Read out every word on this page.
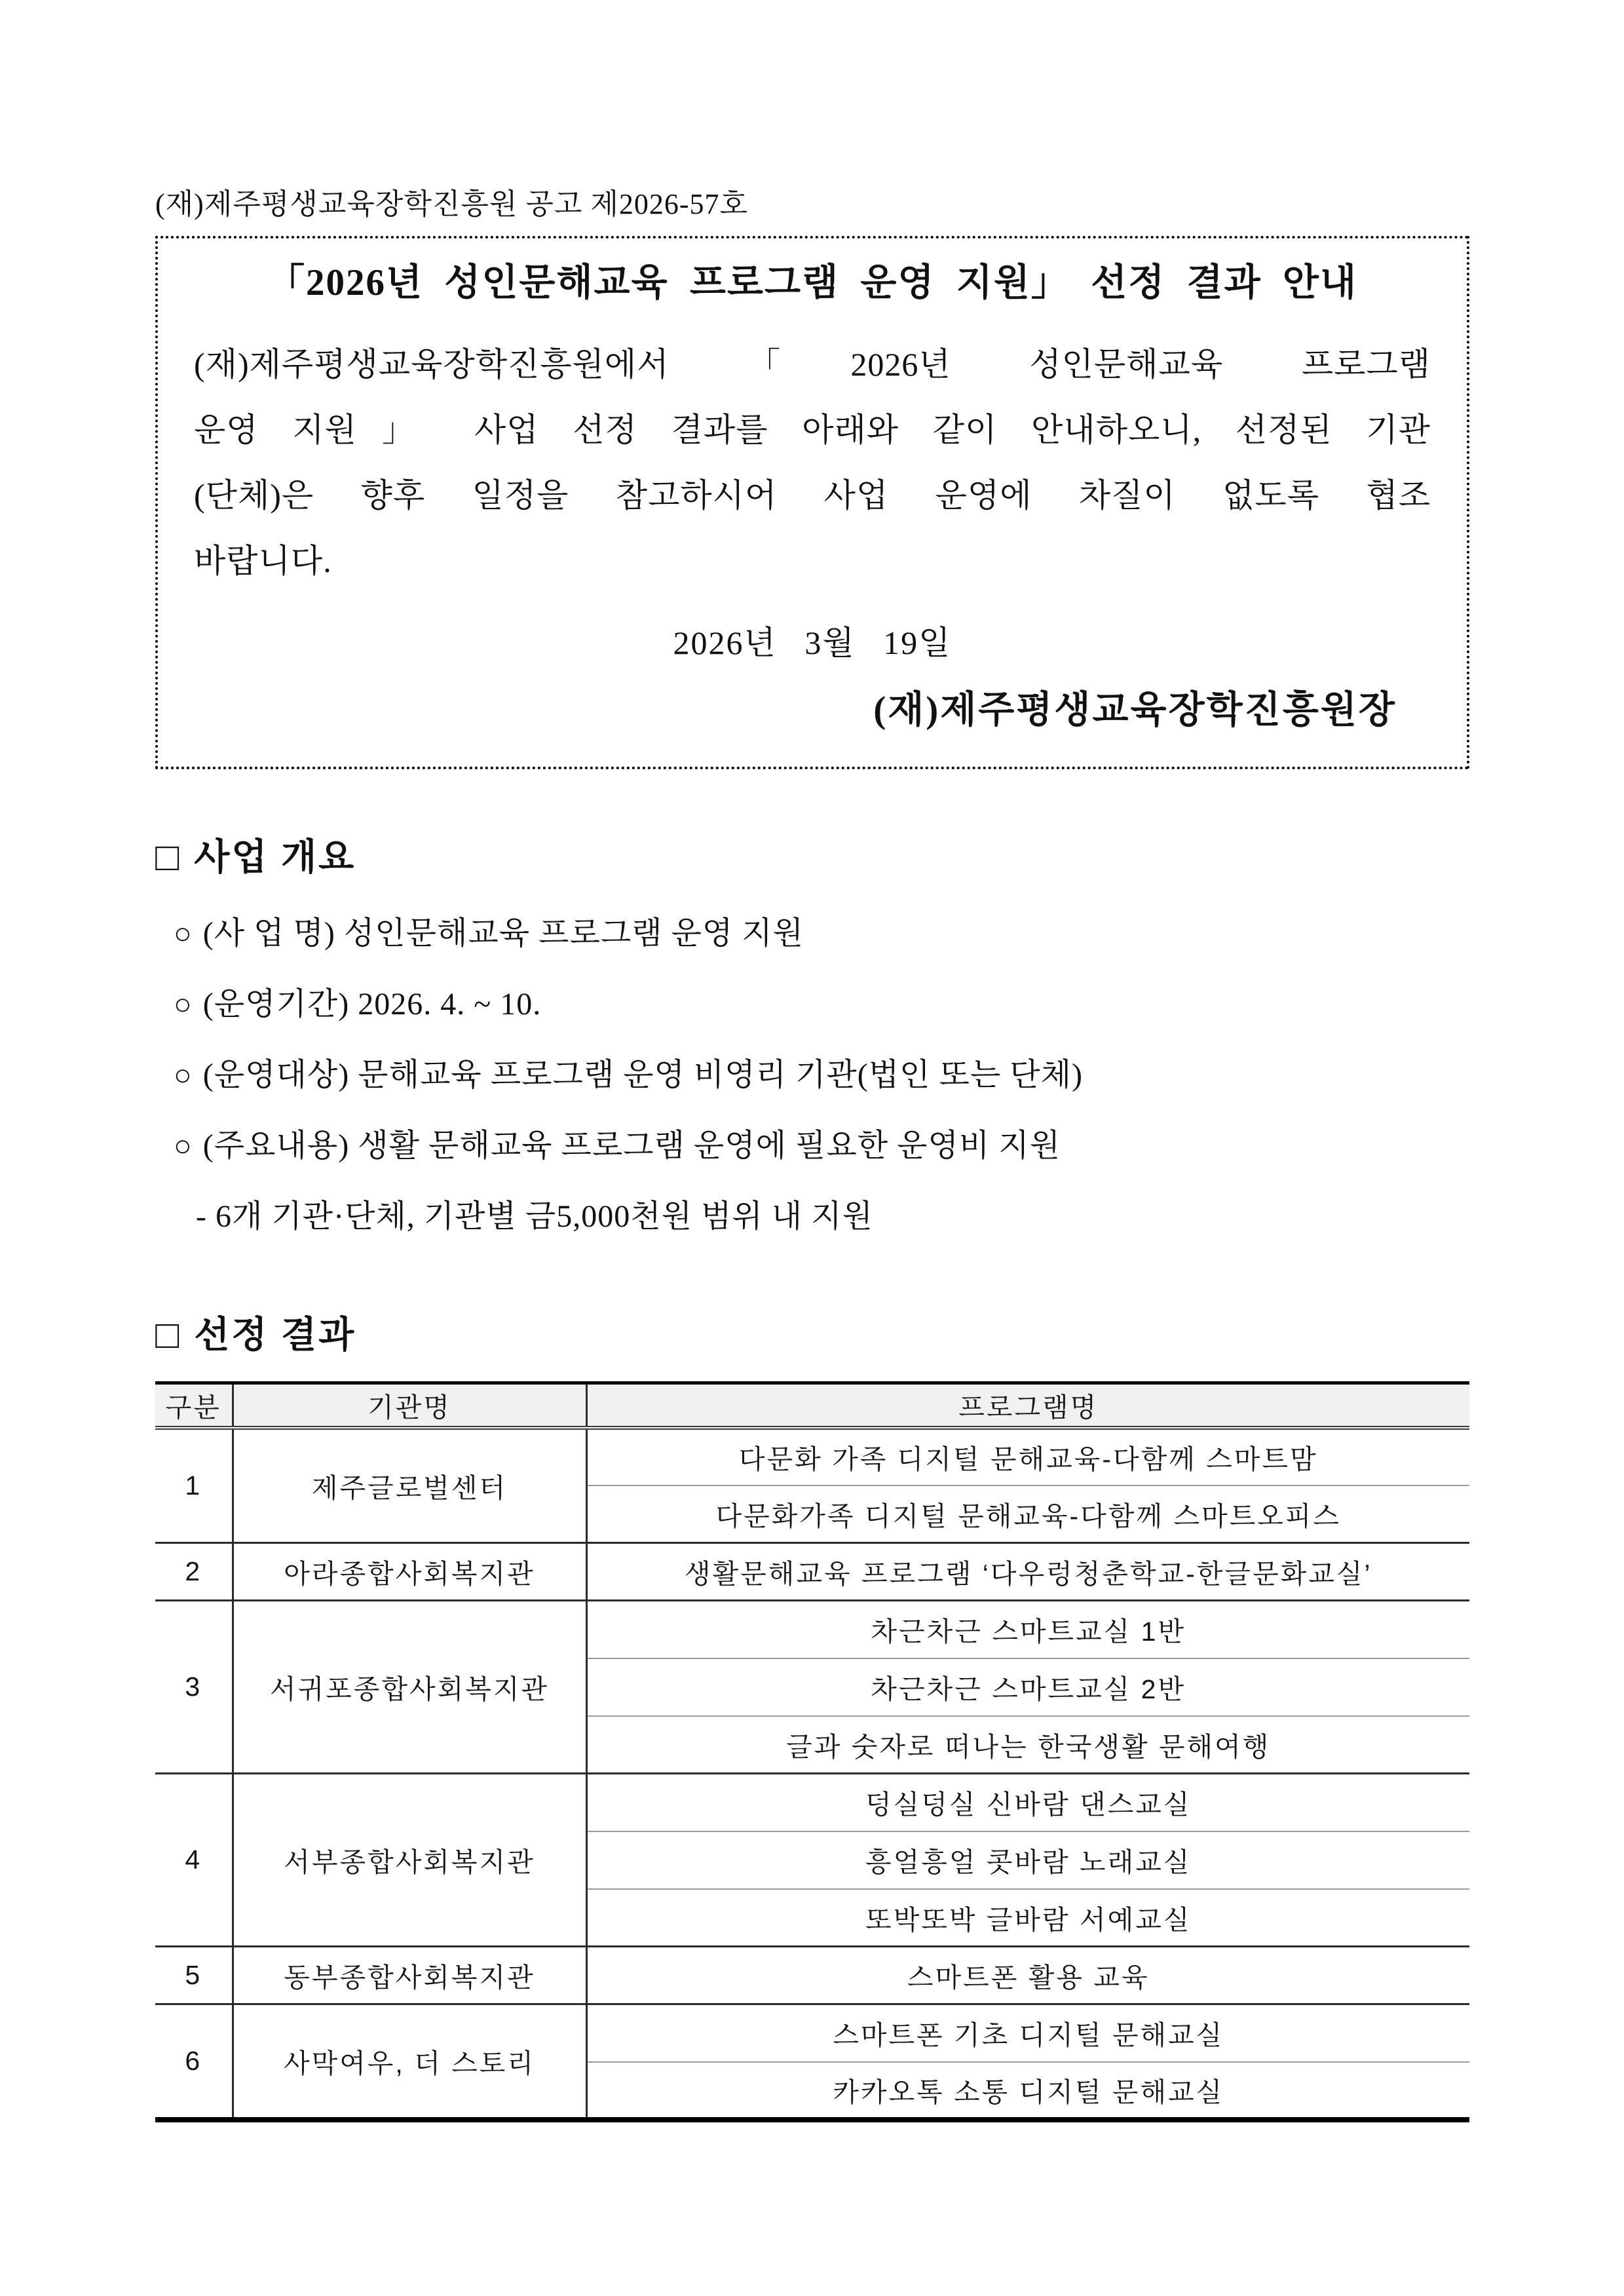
(재)제주평생교육장학진흥원 공고 제2026-57호
「2026년 성인문해교육 프로그램 운영 지원」 선정 결과 안내
(재)제주평생교육장학진흥원에서 「2026년 성인문해교육 프로그램
운영 지원」 사업 선정 결과를 아래와 같이 안내하오니, 선정된 기관
(단체)은 향후 일정을 참고하시어 사업 운영에 차질이 없도록 협조
바랍니다.
2026년 3월 19일
(재)제주평생교육장학진흥원장
□ 사업 개요
○ (사 업 명) 성인문해교육 프로그램 운영 지원
○ (운영기간) 2026. 4. ~ 10.
○ (운영대상) 문해교육 프로그램 운영 비영리 기관(법인 또는 단체)
○ (주요내용) 생활 문해교육 프로그램 운영에 필요한 운영비 지원
- 6개 기관·단체, 기관별 금5,000천원 범위 내 지원
□ 선정 결과
구분	기관명	프로그램명
1	제주글로벌센터	다문화 가족 디지털 문해교육-다함께 스마트맘
		다문화가족 디지털 문해교육-다함께 스마트오피스
2	아라종합사회복지관	생활문해교육 프로그램 ‘다우렁청춘학교-한글문화교실’
3	서귀포종합사회복지관	차근차근 스마트교실 1반
		차근차근 스마트교실 2반
		글과 숫자로 떠나는 한국생활 문해여행
4	서부종합사회복지관	덩실덩실 신바람 댄스교실
		흥얼흥얼 콧바람 노래교실
		또박또박 글바람 서예교실
5	동부종합사회복지관	스마트폰 활용 교육
6	사막여우, 더 스토리	스마트폰 기초 디지털 문해교실
		카카오톡 소통 디지털 문해교실
